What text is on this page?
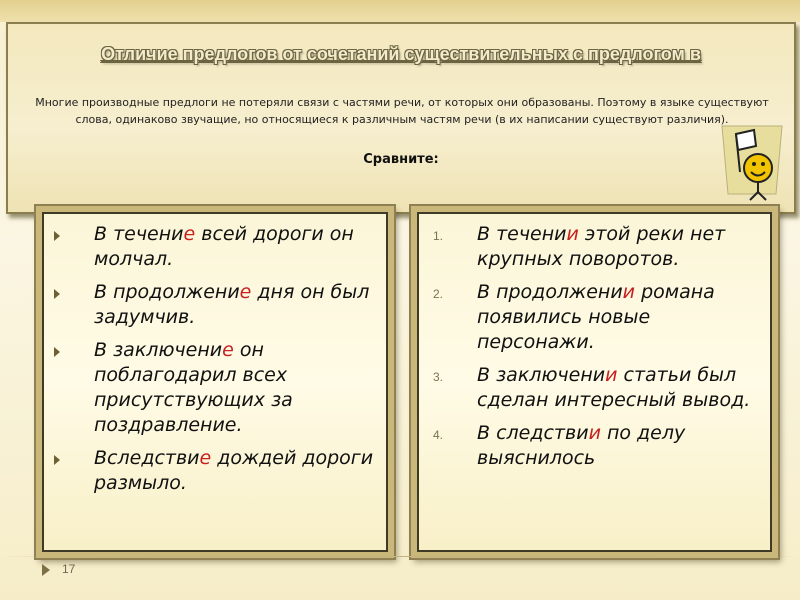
Отличие предлогов от сочетаний существительных с предлогом в
Многие производные предлоги не потеряли связи с частями речи, от которых они образованы. Поэтому в языке существуют слова, одинаково звучащие, но относящиеся к различным частям речи (в их написании существуют различия).
Сравните:
В течение всей дороги он молчал.
В продолжение дня он был задумчив.
В заключение он поблагодарил всех присутствующих за поздравление.
Вследствие дождей дороги размыло.
1. В течении этой реки нет крупных поворотов.
2. В продолжении романа появились новые персонажи.
3. В заключении статьи был сделан интересный вывод.
4. В следствии по делу выяснилось
17
